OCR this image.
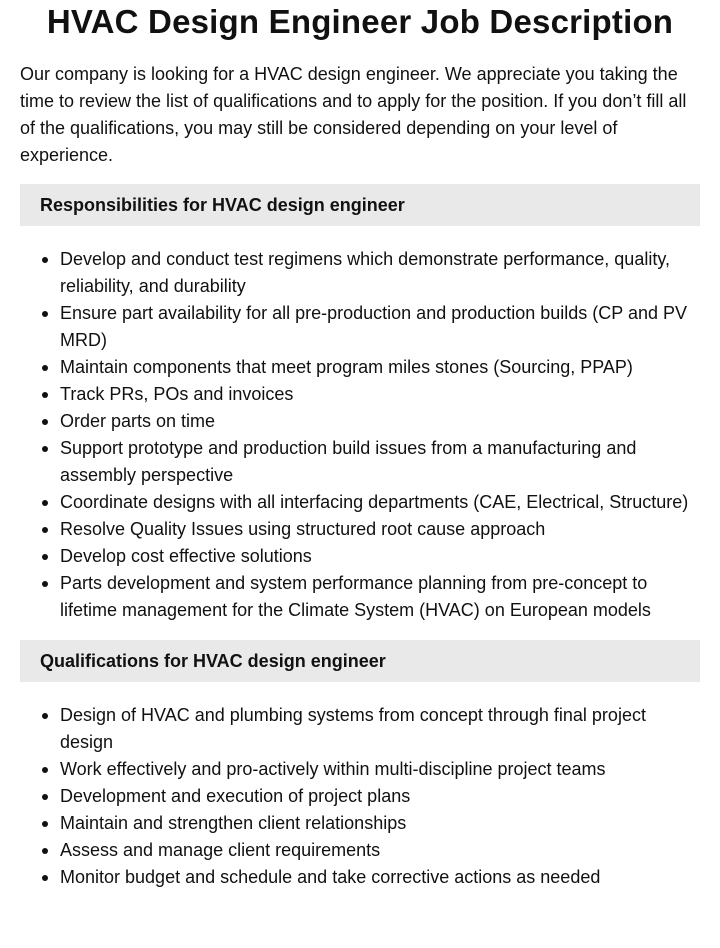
HVAC Design Engineer Job Description

Our company is looking for a HVAC design engineer. We appreciate you taking the time to review the list of qualifications and to apply for the position. If you don’t fill all of the qualifications, you may still be considered depending on your level of experience.

Responsibilities for HVAC design engineer
Develop and conduct test regimens which demonstrate performance, quality, reliability, and durability
Ensure part availability for all pre-production and production builds (CP and PV MRD)
Maintain components that meet program miles stones (Sourcing, PPAP)
Track PRs, POs and invoices
Order parts on time
Support prototype and production build issues from a manufacturing and assembly perspective
Coordinate designs with all interfacing departments (CAE, Electrical, Structure)
Resolve Quality Issues using structured root cause approach
Develop cost effective solutions
Parts development and system performance planning from pre-concept to lifetime management for the Climate System (HVAC) on European models
Qualifications for HVAC design engineer
Design of HVAC and plumbing systems from concept through final project design
Work effectively and pro-actively within multi-discipline project teams
Development and execution of project plans
Maintain and strengthen client relationships
Assess and manage client requirements
Monitor budget and schedule and take corrective actions as needed
